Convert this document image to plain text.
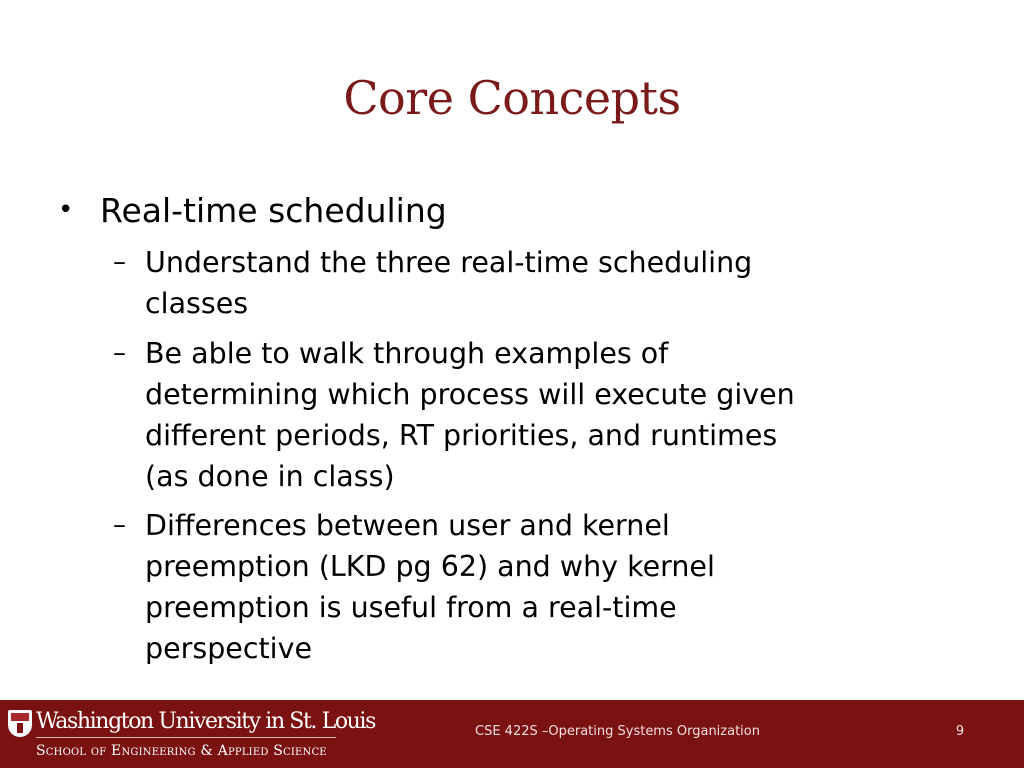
Core Concepts
• Real-time scheduling
– Understand the three real-time scheduling
classes
– Be able to walk through examples of
determining which process will execute given
different periods, RT priorities, and runtimes
(as done in class)
– Differences between user and kernel
preemption (LKD pg 62) and why kernel
preemption is useful from a real-time
perspective
Washington University in St. Louis
School of Engineering & Applied Science
CSE 422S –Operating Systems Organization	9
